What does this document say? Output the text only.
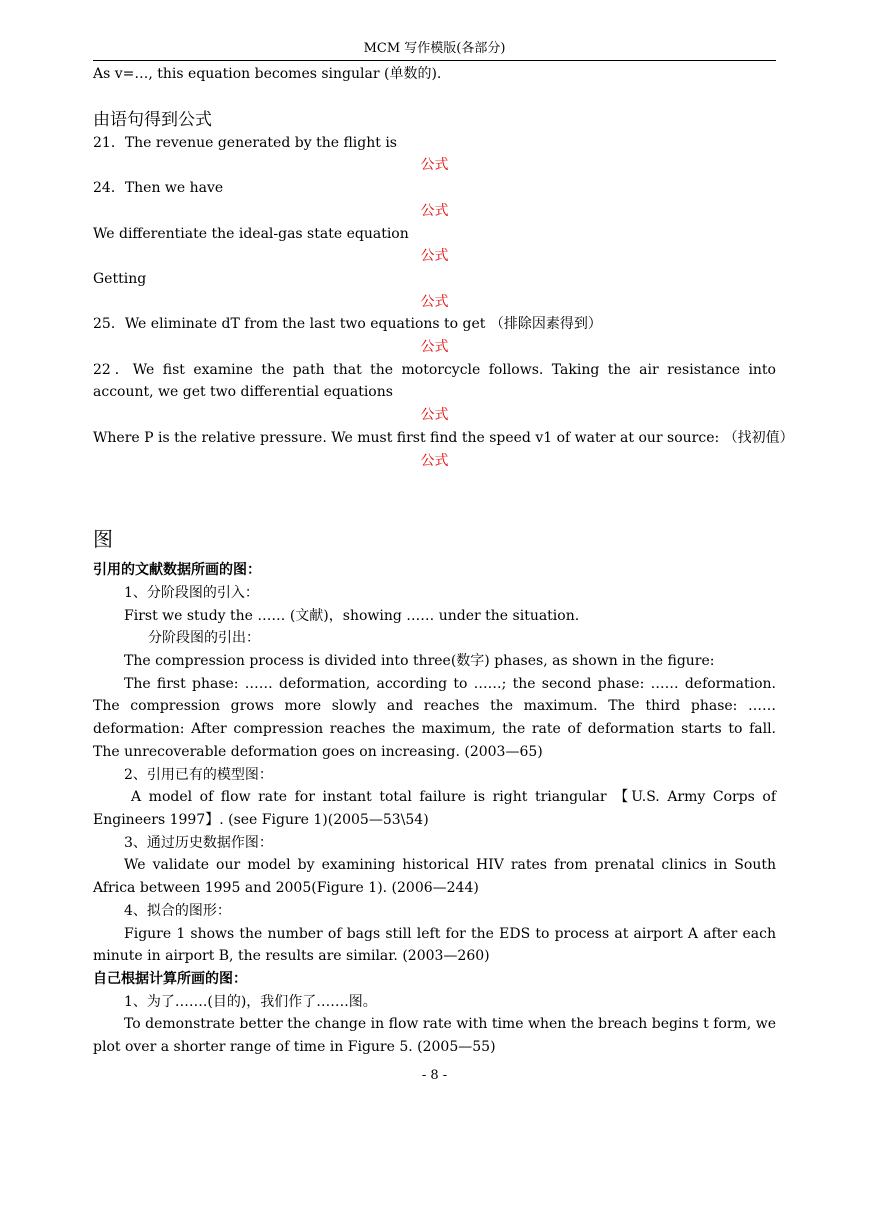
MCM 写作模版(各部分)
As v=…, this equation becomes singular (单数的).
由语句得到公式
21．The revenue generated by the flight is
公式
24．Then we have
公式
We differentiate the ideal-gas state equation
公式
Getting
公式
25．We eliminate dT from the last two equations to get （排除因素得到）
公式
22．We fist examine the path that the motorcycle follows. Taking the air resistance into account, we get two differential equations
公式
Where P is the relative pressure. We must first find the speed v1 of water at our source: （找初值）
公式
图
引用的文献数据所画的图：
1、分阶段图的引入：
First we study the …… (文献)，showing …… under the situation.
分阶段图的引出：
The compression process is divided into three(数字) phases, as shown in the figure:
The first phase: …… deformation, according to ……; the second phase: …… deformation. The compression grows more slowly and reaches the maximum. The third phase: ……deformation: After compression reaches the maximum, the rate of deformation starts to fall. The unrecoverable deformation goes on increasing. (2003—65)
2、引用已有的模型图：
A model of flow rate for instant total failure is right triangular 【U.S. Army Corps of Engineers 1997】. (see Figure 1)(2005—53\54)
3、通过历史数据作图：
We validate our model by examining historical HIV rates from prenatal clinics in South Africa between 1995 and 2005(Figure 1). (2006—244)
4、拟合的图形：
Figure 1 shows the number of bags still left for the EDS to process at airport A after each minute in airport B, the results are similar. (2003—260)
自己根据计算所画的图：
1、为了…….(目的)，我们作了…….图。
To demonstrate better the change in flow rate with time when the breach begins t form, we plot over a shorter range of time in Figure 5. (2005—55)
- 8 -
